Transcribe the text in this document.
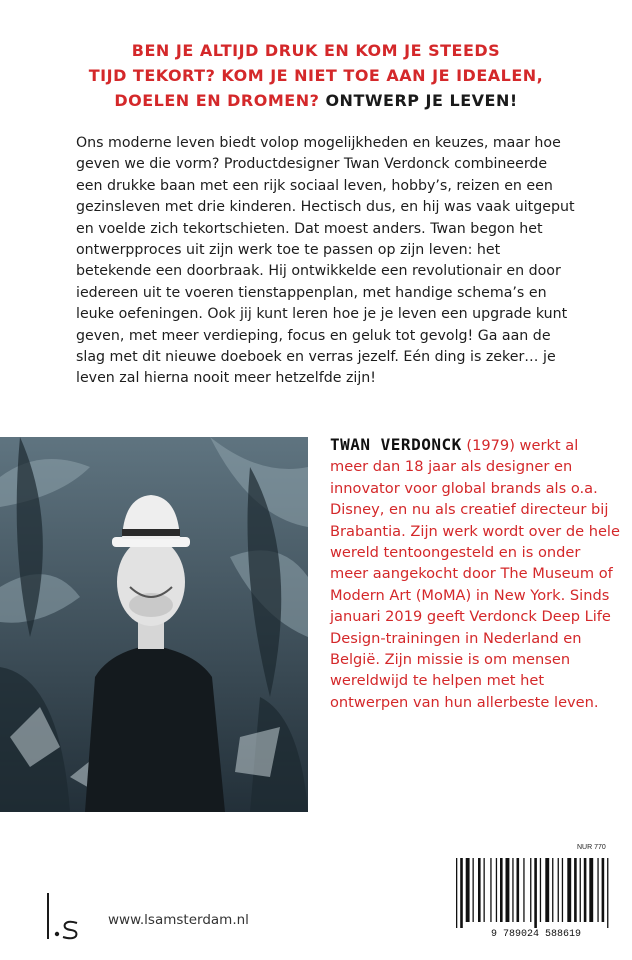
BEN JE ALTIJD DRUK EN KOM JE STEEDS
TIJD TEKORT? KOM JE NIET TOE AAN JE IDEALEN,
DOELEN EN DROMEN? ONTWERP JE LEVEN!

Ons moderne leven biedt volop mogelijkheden en keuzes, maar hoe geven we die vorm? Productdesigner Twan Verdonck combineerde een drukke baan met een rijk sociaal leven, hobby’s, reizen en een gezinsleven met drie kinderen. Hectisch dus, en hij was vaak uitgeput en voelde zich tekortschieten. Dat moest anders. Twan begon het ontwerpproces uit zijn werk toe te passen op zijn leven: het betekende een doorbraak. Hij ontwikkelde een revolutionair en door iedereen uit te voeren tienstappenplan, met handige schema’s en leuke oefeningen. Ook jij kunt leren hoe je je leven een upgrade kunt geven, met meer verdieping, focus en geluk tot gevolg! Ga aan de slag met dit nieuwe doeboek en verras jezelf. Eén ding is zeker… je leven zal hierna nooit meer hetzelfde zijn!

TWAN VERDONCK (1979) werkt al meer dan 18 jaar als designer en innovator voor global brands als o.a. Disney, en nu als creatief directeur bij Brabantia. Zijn werk wordt over de hele wereld tentoongesteld en is onder meer aangekocht door The Museum of Modern Art (MoMA) in New York. Sinds januari 2019 geeft Verdonck Deep Life Design-trainingen in Nederland en België. Zijn missie is om mensen wereldwijd te helpen met het ontwerpen van hun allerbeste leven.
NUR 770
9 789024 588619
www.lsamsterdam.nl
